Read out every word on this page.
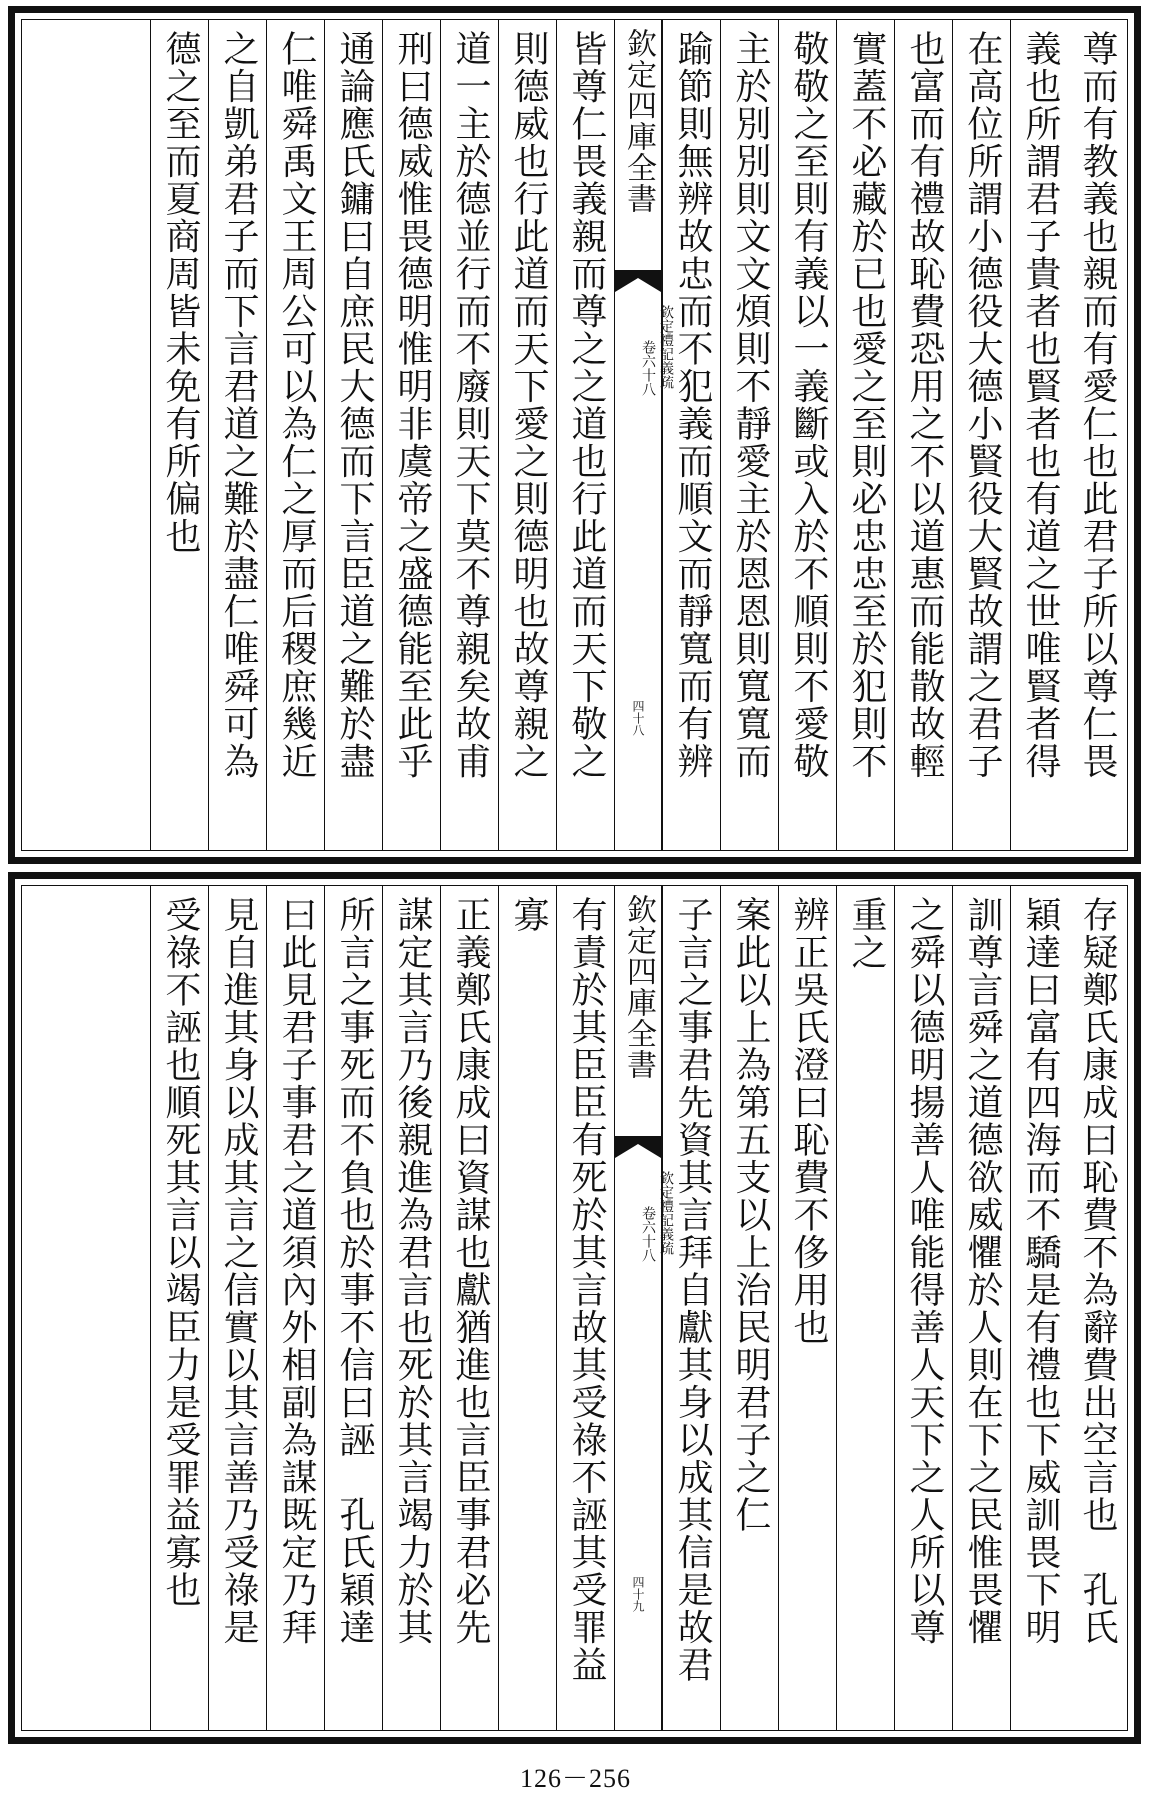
尊而有教義也親而有愛仁也此君子所以尊仁畏
義也所謂君子貴者也賢者也有道之世唯賢者得
在高位所謂小德役大德小賢役大賢故謂之君子
也富而有禮故恥費恐用之不以道惠而能散故輕
實蓋不必藏於已也愛之至則必忠忠至於犯則不
敬敬之至則有義以一義斷或入於不順則不愛敬
主於別別則文文煩則不靜愛主於恩恩則寬寬而
踰節則無辨故忠而不犯義而順文而靜寬而有辨
欽定四庫全書
欽定禮記義疏
卷六十八
四十八
皆尊仁畏義親而尊之之道也行此道而天下敬之
則德威也行此道而天下愛之則德明也故尊親之
道一主於德並行而不廢則天下莫不尊親矣故甫
刑曰德威惟畏德明惟明非虞帝之盛德能至此乎
通論應氏鏞曰自庶民大德而下言臣道之難於盡
仁唯舜禹文王周公可以為仁之厚而后稷庶幾近
之自凱弟君子而下言君道之難於盡仁唯舜可為
德之至而夏商周皆未免有所偏也
存疑鄭氏康成曰恥費不為辭費出空言也　孔氏
穎達曰富有四海而不驕是有禮也下威訓畏下明
訓尊言舜之道德欲威懼於人則在下之民惟畏懼
之舜以德明揚善人唯能得善人天下之人所以尊
重之
辨正吳氏澄曰恥費不侈用也
案此以上為第五支以上治民明君子之仁
子言之事君先資其言拜自獻其身以成其信是故君
欽定四庫全書
欽定禮記義疏
卷六十八
四十九
有責於其臣臣有死於其言故其受祿不誣其受罪益
寡
正義鄭氏康成曰資謀也獻猶進也言臣事君必先
謀定其言乃後親進為君言也死於其言竭力於其
所言之事死而不負也於事不信曰誣　孔氏穎達
曰此見君子事君之道須內外相副為謀既定乃拜
見自進其身以成其言之信實以其言善乃受祿是
受祿不誣也順死其言以竭臣力是受罪益寡也
126－256
